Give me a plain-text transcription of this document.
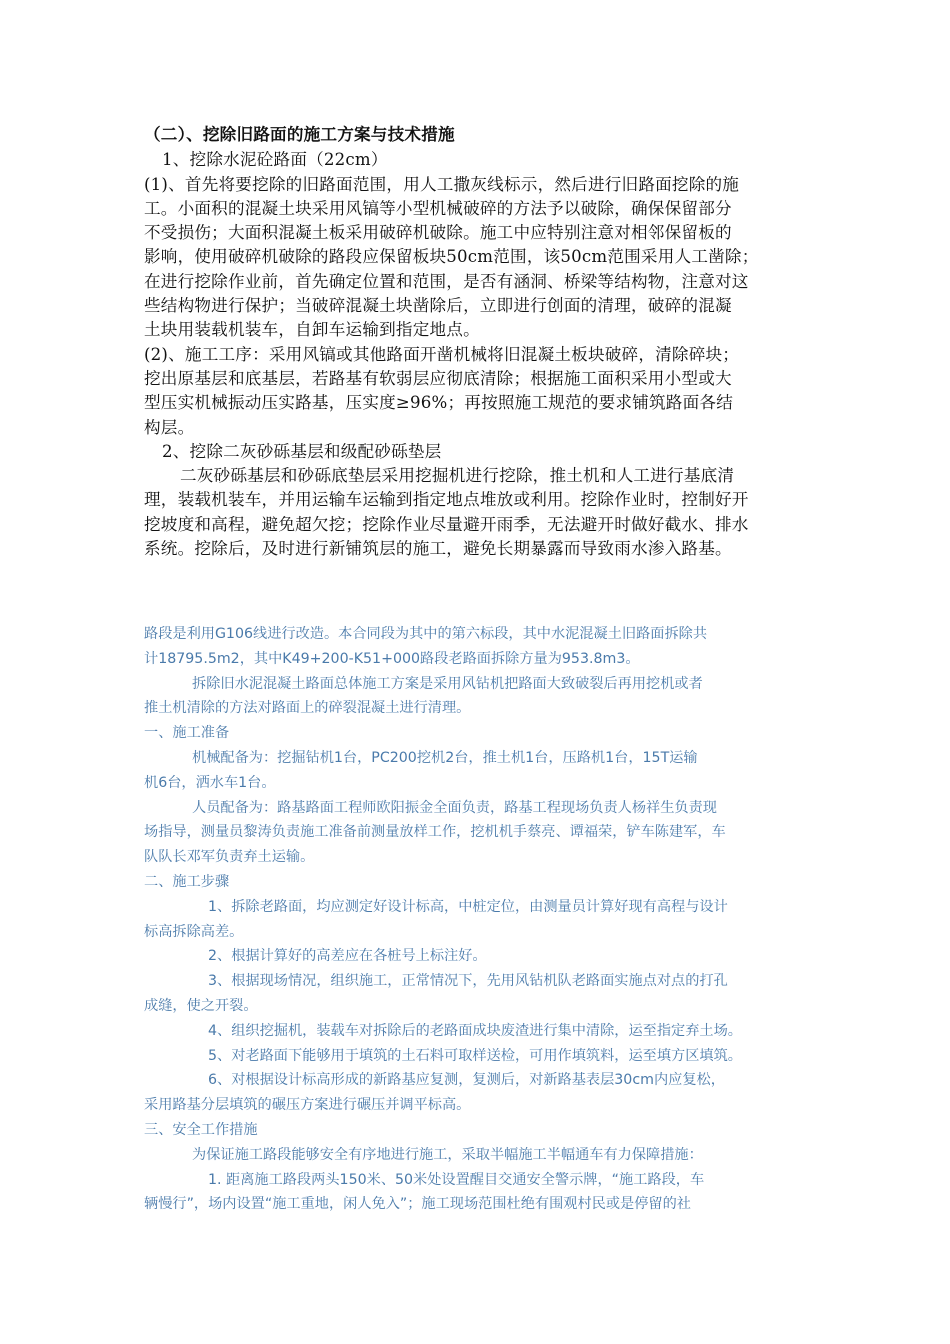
（二）、挖除旧路面的施工方案与技术措施

1、挖除水泥砼路面（22cm）

(1)、首先将要挖除的旧路面范围，用人工撒灰线标示，然后进行旧路面挖除的施

工。小面积的混凝土块采用风镐等小型机械破碎的方法予以破除，确保保留部分

不受损伤；大面积混凝土板采用破碎机破除。施工中应特别注意对相邻保留板的

影响，使用破碎机破除的路段应保留板块50cm范围，该50cm范围采用人工凿除；

在进行挖除作业前，首先确定位置和范围，是否有涵洞、桥梁等结构物，注意对这

些结构物进行保护；当破碎混凝土块凿除后，立即进行创面的清理，破碎的混凝

土块用装载机装车，自卸车运输到指定地点。

(2)、施工工序：采用风镐或其他路面开凿机械将旧混凝土板块破碎，清除碎块；

挖出原基层和底基层，若路基有软弱层应彻底清除；根据施工面积采用小型或大

型压实机械振动压实路基，压实度≥96%；再按照施工规范的要求铺筑路面各结

构层。

2、挖除二灰砂砾基层和级配砂砾垫层

二灰砂砾基层和砂砾底垫层采用挖掘机进行挖除，推土机和人工进行基底清

理，装载机装车，并用运输车运输到指定地点堆放或利用。挖除作业时，控制好开

挖坡度和高程，避免超欠挖；挖除作业尽量避开雨季，无法避开时做好截水、排水

系统。挖除后，及时进行新铺筑层的施工，避免长期暴露而导致雨水渗入路基。

路段是利用G106线进行改造。本合同段为其中的第六标段，其中水泥混凝土旧路面拆除共

计18795.5m2，其中K49+200-K51+000路段老路面拆除方量为953.8m3。

拆除旧水泥混凝土路面总体施工方案是采用风钻机把路面大致破裂后再用挖机或者

推土机清除的方法对路面上的碎裂混凝土进行清理。

一、施工准备

机械配备为：挖掘钻机1台，PC200挖机2台，推土机1台，压路机1台，15T运输

机6台，洒水车1台。

人员配备为：路基路面工程师欧阳振金全面负责，路基工程现场负责人杨祥生负责现

场指导，测量员黎涛负责施工准备前测量放样工作，挖机机手蔡亮、谭福荣，铲车陈建军，车

队队长邓军负责弃土运输。

二、施工步骤

1、拆除老路面，均应测定好设计标高，中桩定位，由测量员计算好现有高程与设计

标高拆除高差。

2、根据计算好的高差应在各桩号上标注好。

3、根据现场情况，组织施工，正常情况下，先用风钻机队老路面实施点对点的打孔

成缝，使之开裂。

4、组织挖掘机，装载车对拆除后的老路面成块废渣进行集中清除，运至指定弃土场。

5、对老路面下能够用于填筑的土石料可取样送检，可用作填筑料，运至填方区填筑。

6、对根据设计标高形成的新路基应复测，复测后，对新路基表层30cm内应复松，

采用路基分层填筑的碾压方案进行碾压并调平标高。

三、安全工作措施

为保证施工路段能够安全有序地进行施工，采取半幅施工半幅通车有力保障措施：

1. 距离施工路段两头150米、50米处设置醒目交通安全警示牌，“施工路段，车

辆慢行”，场内设置“施工重地，闲人免入”；施工现场范围杜绝有围观村民或是停留的社
